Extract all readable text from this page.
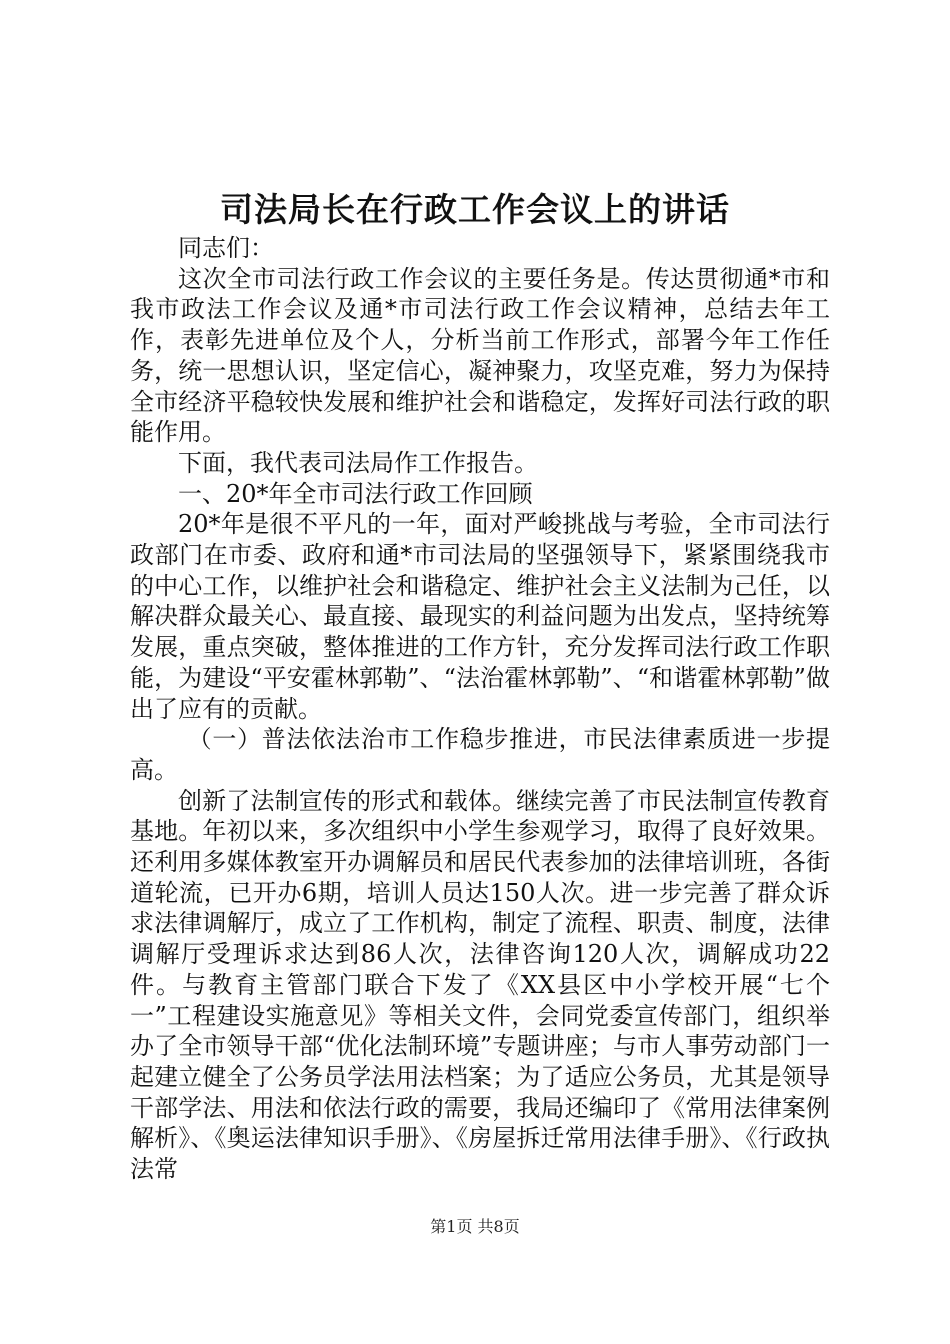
司法局长在行政工作会议上的讲话

同志们：

这次全市司法行政工作会议的主要任务是。传达贯彻通*市和我市政法工作会议及通*市司法行政工作会议精神，总结去年工作，表彰先进单位及个人，分析当前工作形式，部署今年工作任务，统一思想认识，坚定信心，凝神聚力，攻坚克难，努力为保持全市经济平稳较快发展和维护社会和谐稳定，发挥好司法行政的职能作用。

下面，我代表司法局作工作报告。

一、20*年全市司法行政工作回顾

20*年是很不平凡的一年，面对严峻挑战与考验，全市司法行政部门在市委、政府和通*市司法局的坚强领导下，紧紧围绕我市的中心工作，以维护社会和谐稳定、维护社会主义法制为己任，以解决群众最关心、最直接、最现实的利益问题为出发点，坚持统筹发展，重点突破，整体推进的工作方针，充分发挥司法行政工作职能，为建设“平安霍林郭勒”、“法治霍林郭勒”、“和谐霍林郭勒”做出了应有的贡献。

（一）普法依法治市工作稳步推进，市民法律素质进一步提高。

创新了法制宣传的形式和载体。继续完善了市民法制宣传教育基地。年初以来，多次组织中小学生参观学习，取得了良好效果。还利用多媒体教室开办调解员和居民代表参加的法律培训班，各街道轮流，已开办6期，培训人员达150人次。进一步完善了群众诉求法律调解厅，成立了工作机构，制定了流程、职责、制度，法律调解厅受理诉求达到86人次，法律咨询120人次，调解成功22件。与教育主管部门联合下发了《XX县区中小学校开展“七个一”工程建设实施意见》等相关文件，会同党委宣传部门，组织举办了全市领导干部“优化法制环境”专题讲座；与市人事劳动部门一起建立健全了公务员学法用法档案；为了适应公务员，尤其是领导干部学法、用法和依法行政的需要，我局还编印了《常用法律案例解析》、《奥运法律知识手册》、《房屋拆迁常用法律手册》、《行政执法常

第1页 共8页
